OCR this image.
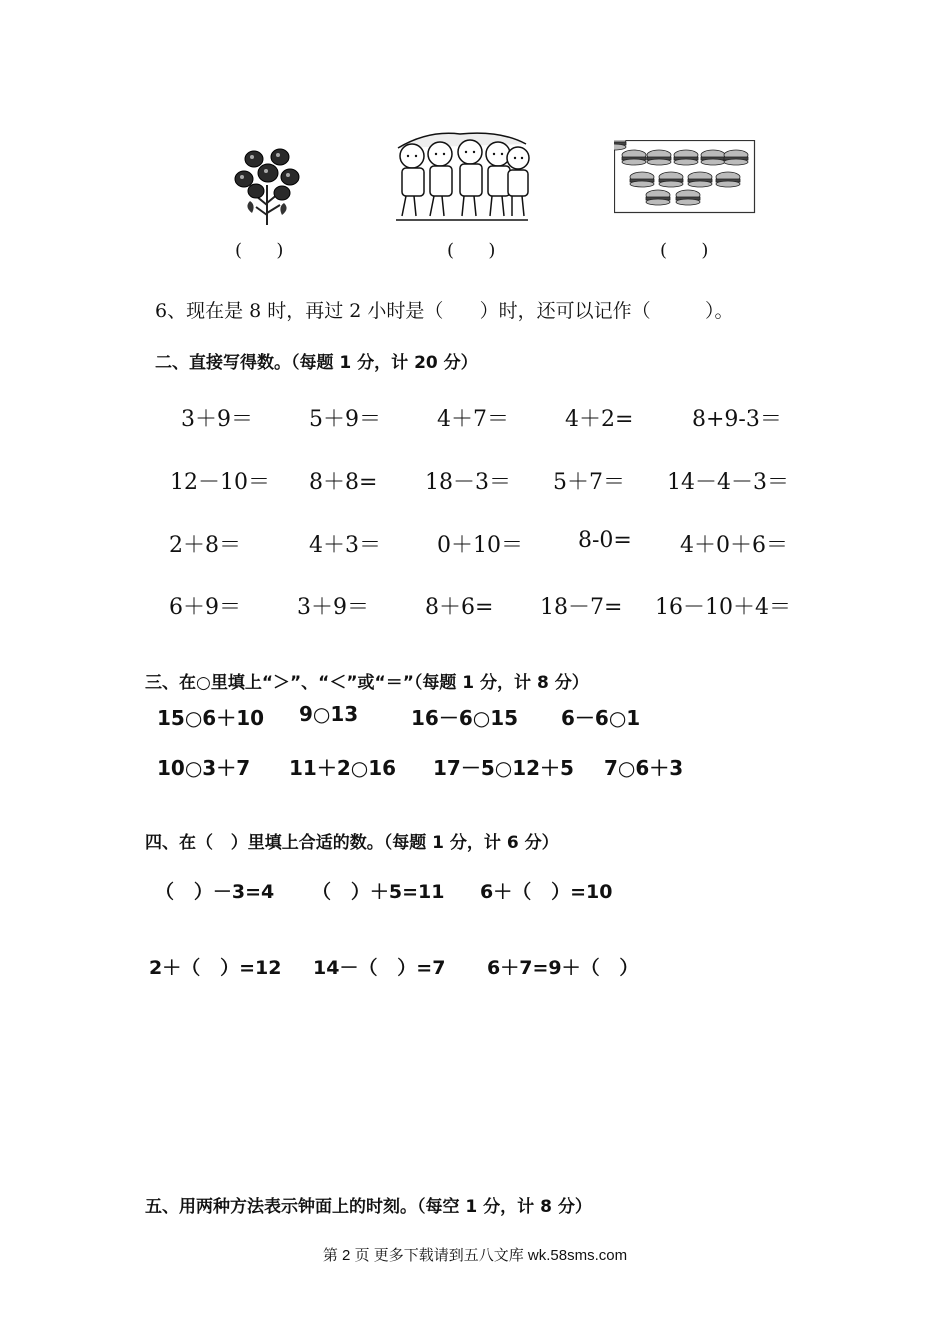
(      )	(      )	(      )
6、现在是 8 时，再过 2 小时是（      ）时，还可以记作（         ）。
二、直接写得数。（每题 1 分，计 20 分）
3＋9＝	5＋9＝	4＋7＝	4＋2=	8+9-3＝
12－10＝ 8＋8= 18－3＝ 5＋7＝ 14－4－3＝
2＋8＝	4＋3＝	0＋10＝	8-0= 4＋0＋6＝
6＋9＝	3＋9＝	8＋6= 18－7= 16－10＋4＝
三、在○里填上“＞”、“＜”或“＝”（每题 1 分，计 8 分）
15○6＋10 9○13	16－6○15 6－6○1
10○3＋7 11＋2○16 17－5○12＋5 7○6＋3
四、在（   ）里填上合适的数。（每题 1 分，计 6 分）
（   ）－3=4 （   ）＋5=11 6＋（   ）=10
2＋（   ）=12 14－（   ）=7 6＋7=9＋（   ）
五、用两种方法表示钟面上的时刻。（每空 1 分，计 8 分）
第 2 页 更多下载请到五八文库 wk.58sms.com
